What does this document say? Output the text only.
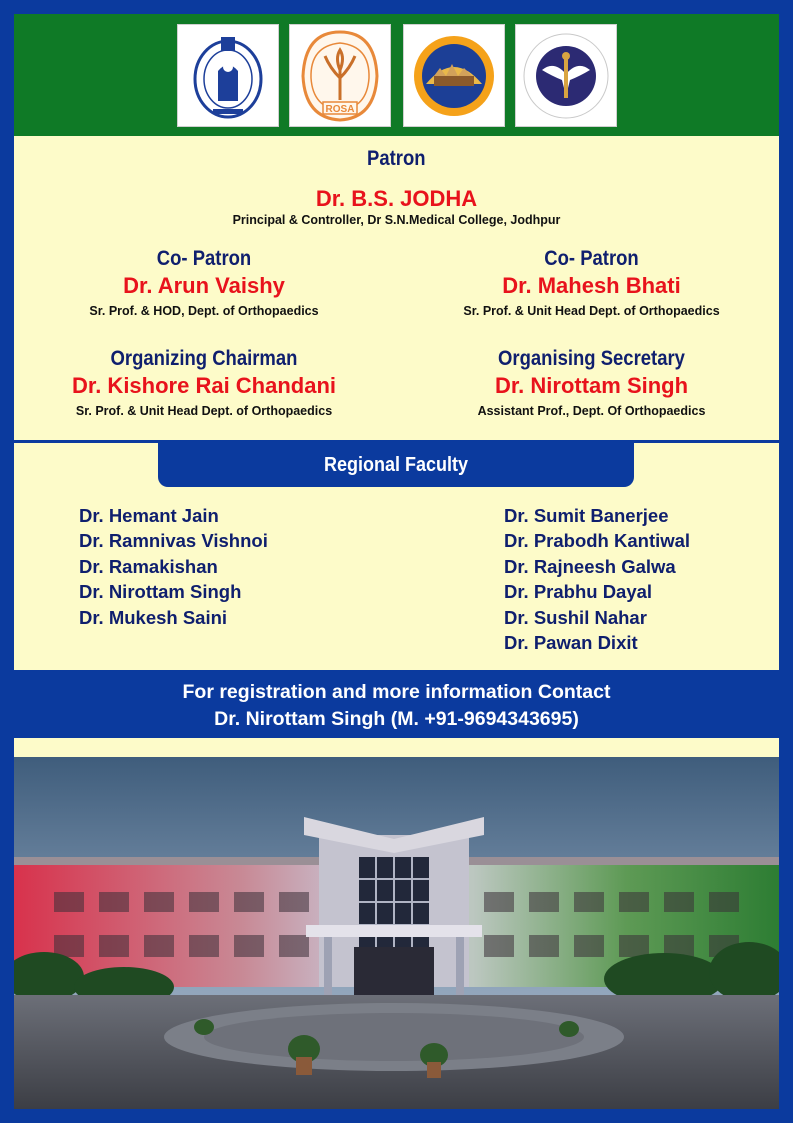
ROSA
Patron
Dr. B.S. JODHA
Principal & Controller, Dr S.N.Medical College, Jodhpur
Co- Patron
Dr. Arun Vaishy
Sr. Prof. & HOD, Dept. of Orthopaedics
Co- Patron
Dr. Mahesh Bhati
Sr. Prof. & Unit Head Dept. of Orthopaedics
Organizing Chairman
Dr. Kishore Rai Chandani
Sr. Prof. & Unit Head Dept. of Orthopaedics
Organising Secretary
Dr. Nirottam Singh
Assistant Prof., Dept. Of Orthopaedics
Dr. Hemant Jain
Dr. Ramnivas Vishnoi
Dr. Ramakishan
Dr. Nirottam Singh
Dr. Mukesh Saini
Dr. Sumit Banerjee
Dr. Prabodh Kantiwal
Dr. Rajneesh Galwa
Dr. Prabhu Dayal
Dr. Sushil Nahar
Dr. Pawan Dixit
Regional Faculty
For registration and more information Contact
Dr. Nirottam Singh (M. +91-9694343695)
